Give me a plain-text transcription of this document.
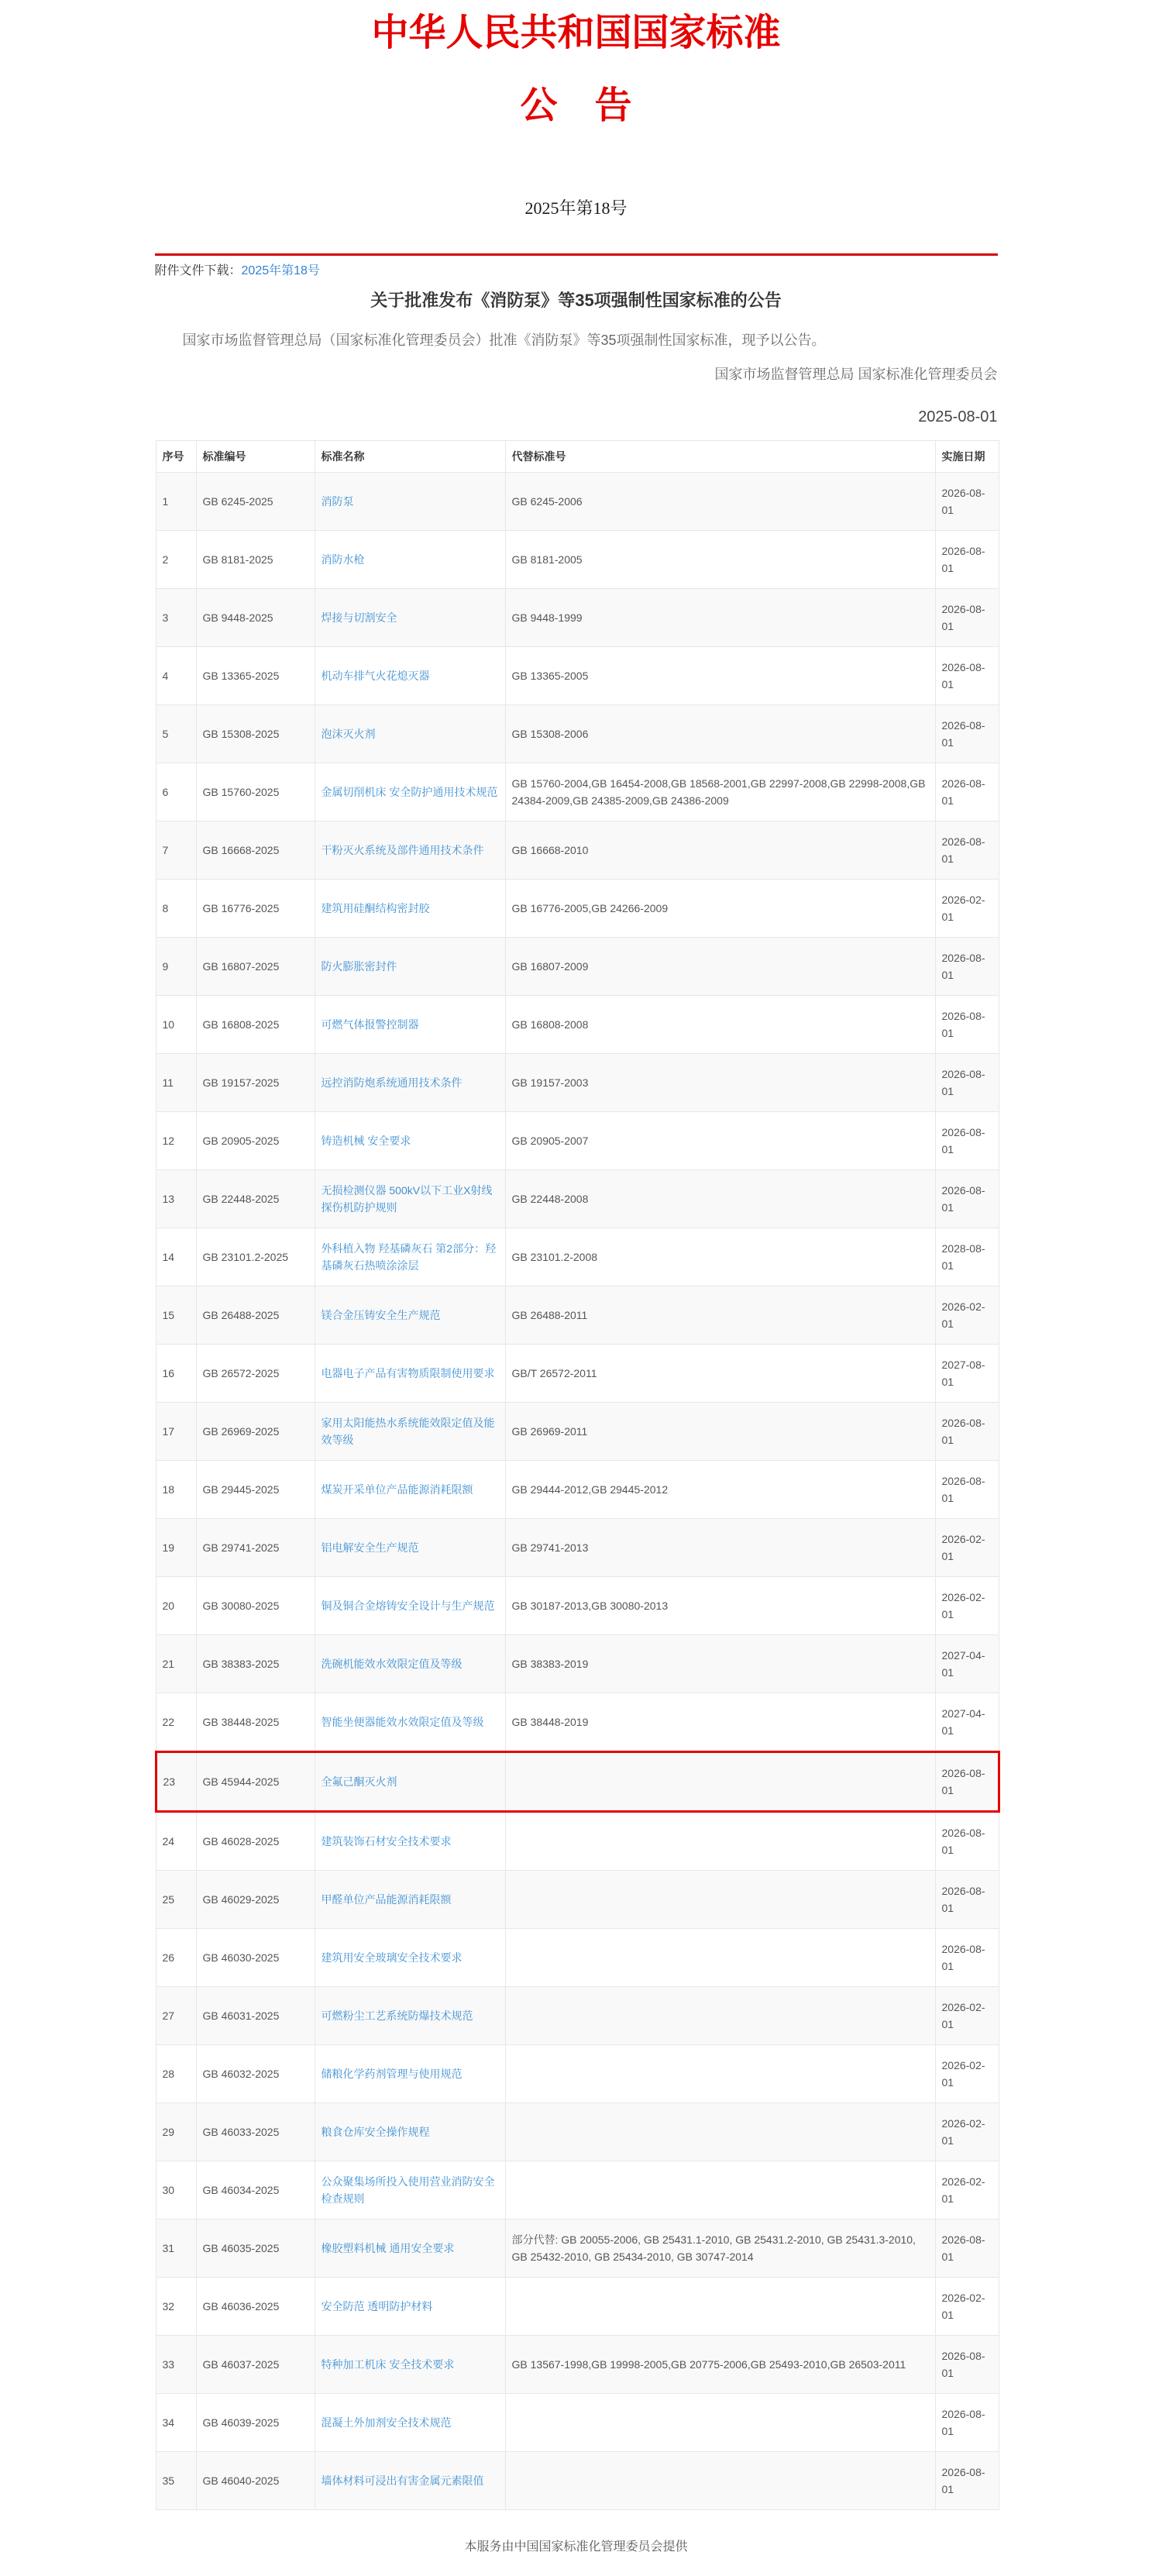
中华人民共和国国家标准
公　告
2025年第18号
附件文件下载：2025年第18号
关于批准发布《消防泵》等35项强制性国家标准的公告
国家市场监督管理总局（国家标准化管理委员会）批准《消防泵》等35项强制性国家标准，现予以公告。
国家市场监督管理总局 国家标准化管理委员会
2025-08-01
序号	标准编号	标准名称	代替标准号	实施日期
1	GB 6245-2025	消防泵	GB 6245-2006	2026-08-01
2	GB 8181-2025	消防水枪	GB 8181-2005	2026-08-01
3	GB 9448-2025	焊接与切割安全	GB 9448-1999	2026-08-01
4	GB 13365-2025	机动车排气火花熄灭器	GB 13365-2005	2026-08-01
5	GB 15308-2025	泡沫灭火剂	GB 15308-2006	2026-08-01
6	GB 15760-2025	金属切削机床 安全防护通用技术规范	GB 15760-2004,GB 16454-2008,GB 18568-2001,GB 22997-2008,GB 22998-2008,GB 24384-2009,GB 24385-2009,GB 24386-2009	2026-08-01
7	GB 16668-2025	干粉灭火系统及部件通用技术条件	GB 16668-2010	2026-08-01
8	GB 16776-2025	建筑用硅酮结构密封胶	GB 16776-2005,GB 24266-2009	2026-02-01
9	GB 16807-2025	防火膨胀密封件	GB 16807-2009	2026-08-01
10	GB 16808-2025	可燃气体报警控制器	GB 16808-2008	2026-08-01
11	GB 19157-2025	远控消防炮系统通用技术条件	GB 19157-2003	2026-08-01
12	GB 20905-2025	铸造机械 安全要求	GB 20905-2007	2026-08-01
13	GB 22448-2025	无损检测仪器 500kV以下工业X射线探伤机防护规则	GB 22448-2008	2026-08-01
14	GB 23101.2-2025	外科植入物 羟基磷灰石 第2部分：羟基磷灰石热喷涂涂层	GB 23101.2-2008	2028-08-01
15	GB 26488-2025	镁合金压铸安全生产规范	GB 26488-2011	2026-02-01
16	GB 26572-2025	电器电子产品有害物质限制使用要求	GB/T 26572-2011	2027-08-01
17	GB 26969-2025	家用太阳能热水系统能效限定值及能效等级	GB 26969-2011	2026-08-01
18	GB 29445-2025	煤炭开采单位产品能源消耗限额	GB 29444-2012,GB 29445-2012	2026-08-01
19	GB 29741-2025	铝电解安全生产规范	GB 29741-2013	2026-02-01
20	GB 30080-2025	铜及铜合金熔铸安全设计与生产规范	GB 30187-2013,GB 30080-2013	2026-02-01
21	GB 38383-2025	洗碗机能效水效限定值及等级	GB 38383-2019	2027-04-01
22	GB 38448-2025	智能坐便器能效水效限定值及等级	GB 38448-2019	2027-04-01
23	GB 45944-2025	全氟己酮灭火剂		2026-08-01
24	GB 46028-2025	建筑装饰石材安全技术要求		2026-08-01
25	GB 46029-2025	甲醛单位产品能源消耗限额		2026-08-01
26	GB 46030-2025	建筑用安全玻璃安全技术要求		2026-08-01
27	GB 46031-2025	可燃粉尘工艺系统防爆技术规范		2026-02-01
28	GB 46032-2025	储粮化学药剂管理与使用规范		2026-02-01
29	GB 46033-2025	粮食仓库安全操作规程		2026-02-01
30	GB 46034-2025	公众聚集场所投入使用营业消防安全检查规则		2026-02-01
31	GB 46035-2025	橡胶塑料机械 通用安全要求	部分代替: GB 20055-2006, GB 25431.1-2010, GB 25431.2-2010, GB 25431.3-2010, GB 25432-2010, GB 25434-2010, GB 30747-2014	2026-08-01
32	GB 46036-2025	安全防范 透明防护材料		2026-02-01
33	GB 46037-2025	特种加工机床 安全技术要求	GB 13567-1998,GB 19998-2005,GB 20775-2006,GB 25493-2010,GB 26503-2011	2026-08-01
34	GB 46039-2025	混凝土外加剂安全技术规范		2026-08-01
35	GB 46040-2025	墙体材料可浸出有害金属元素限值		2026-08-01
本服务由中国国家标准化管理委员会提供
